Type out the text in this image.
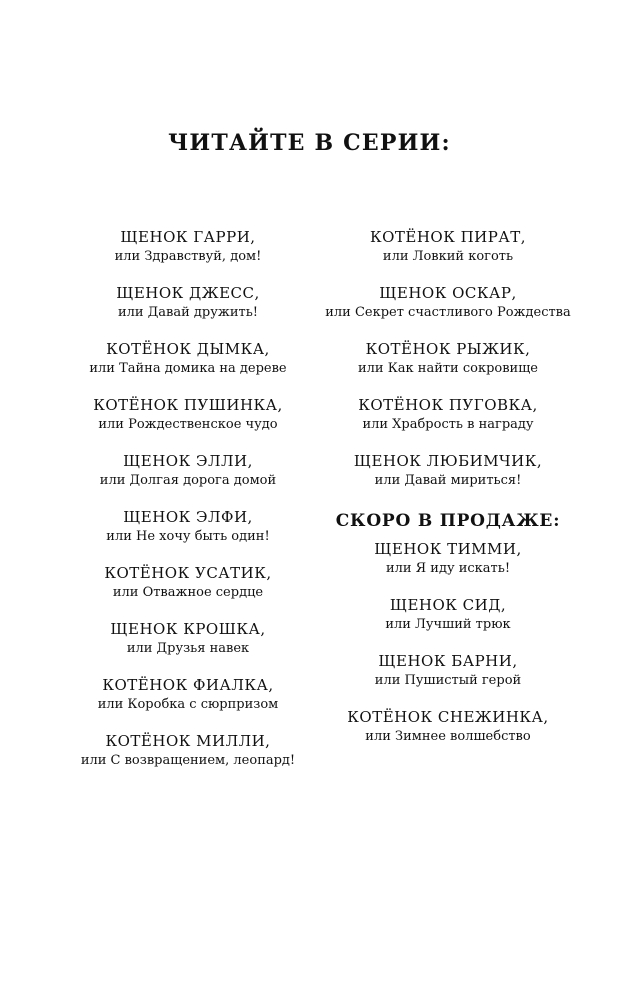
ЧИТАЙТЕ В СЕРИИ:
ЩЕНОК ГАРРИ,
или Здравствуй, дом!
ЩЕНОК ДЖЕСС,
или Давай дружить!
КОТЁНОК ДЫМКА,
или Тайна домика на дереве
КОТЁНОК ПУШИНКА,
или Рождественское чудо
ЩЕНОК ЭЛЛИ,
или Долгая дорога домой
ЩЕНОК ЭЛФИ,
или Не хочу быть один!
КОТЁНОК УСАТИК,
или Отважное сердце
ЩЕНОК КРОШКА,
или Друзья навек
КОТЁНОК ФИАЛКА,
или Коробка с сюрпризом
КОТЁНОК МИЛЛИ,
или С возвращением, леопард!
КОТЁНОК ПИРАТ,
или Ловкий коготь
ЩЕНОК ОСКАР,
или Секрет счастливого Рождества
КОТЁНОК РЫЖИК,
или Как найти сокровище
КОТЁНОК ПУГОВКА,
или Храбрость в награду
ЩЕНОК ЛЮБИМЧИК,
или Давай мириться!
СКОРО В ПРОДАЖЕ:
ЩЕНОК ТИММИ,
или Я иду искать!
ЩЕНОК СИД,
или Лучший трюк
ЩЕНОК БАРНИ,
или Пушистый герой
КОТЁНОК СНЕЖИНКА,
или Зимнее волшебство
